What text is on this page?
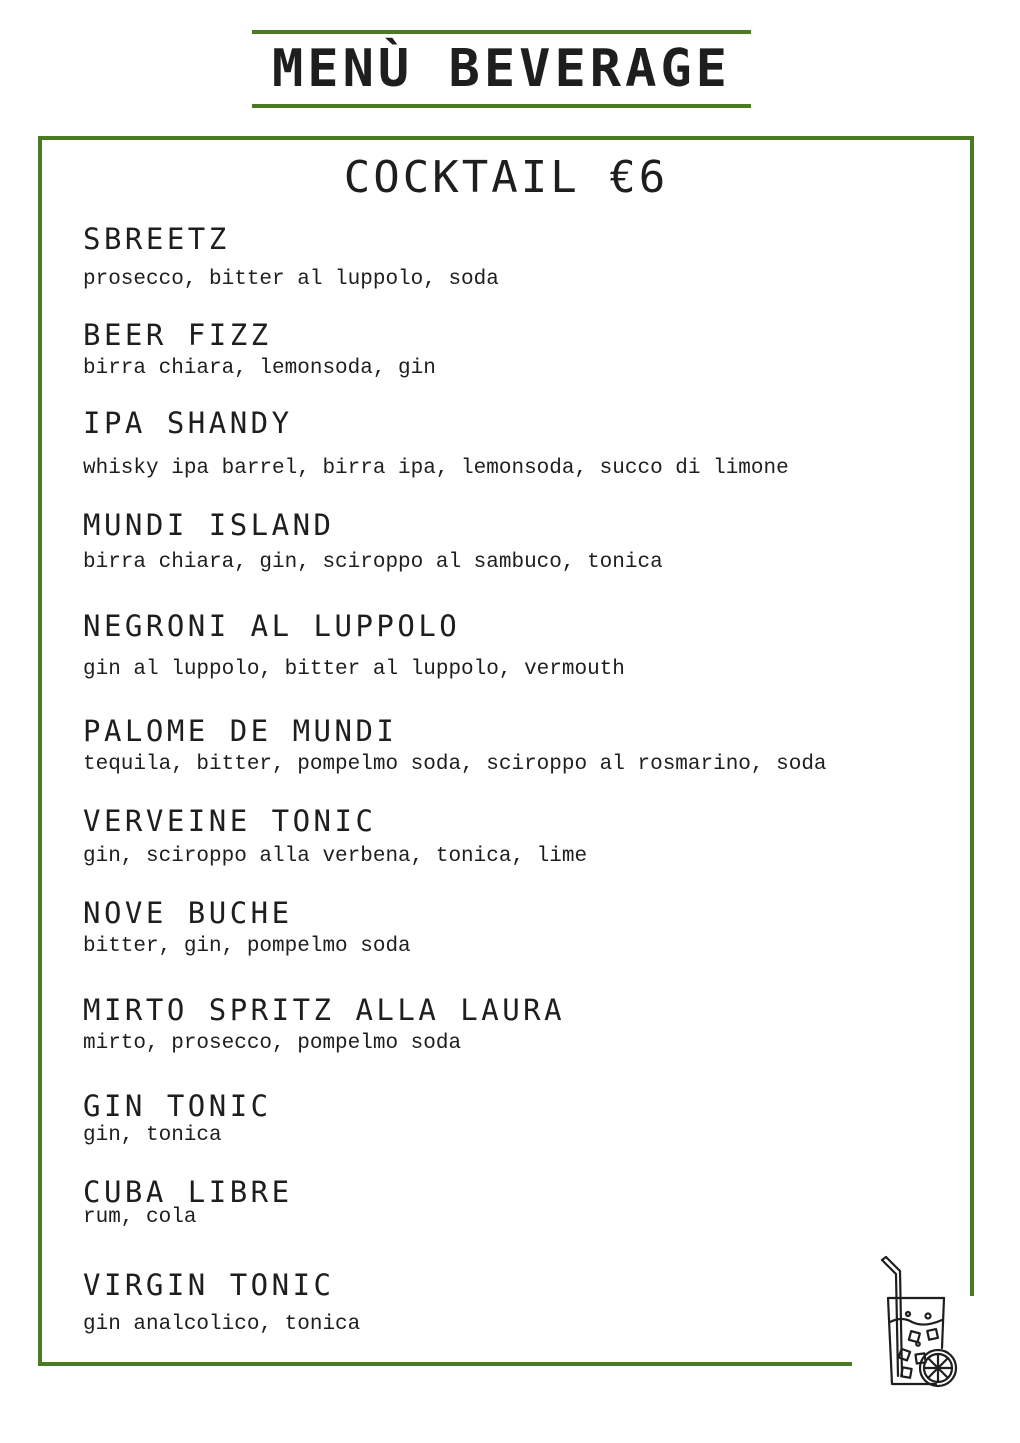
MENÙ BEVERAGE
COCKTAIL €6
SBREETZ
prosecco, bitter al luppolo, soda
BEER FIZZ
birra chiara, lemonsoda, gin
IPA SHANDY
whisky ipa barrel, birra ipa, lemonsoda, succo di limone
MUNDI ISLAND
birra chiara, gin, sciroppo al sambuco, tonica
NEGRONI AL LUPPOLO
gin al luppolo, bitter al luppolo, vermouth
PALOME DE MUNDI
tequila, bitter, pompelmo soda, sciroppo al rosmarino, soda
VERVEINE TONIC
gin, sciroppo alla verbena, tonica, lime
NOVE BUCHE
bitter, gin, pompelmo soda
MIRTO SPRITZ ALLA LAURA
mirto, prosecco, pompelmo soda
GIN TONIC
gin, tonica
CUBA LIBRE
rum, cola
VIRGIN TONIC
gin analcolico, tonica
